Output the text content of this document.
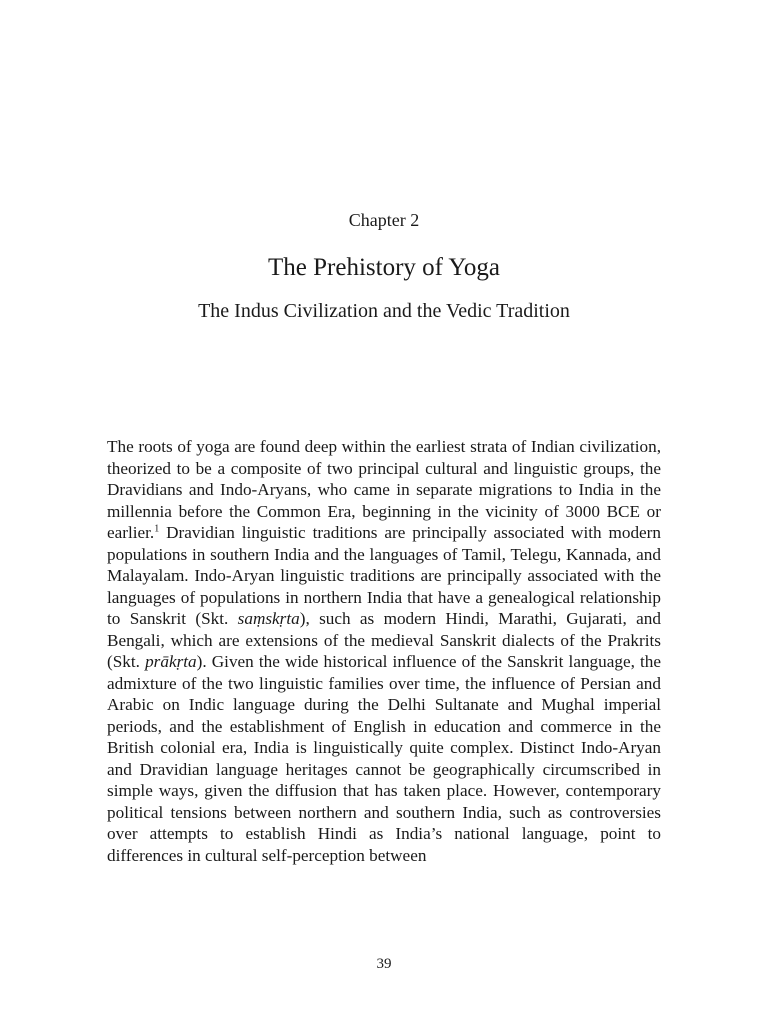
Chapter 2
The Prehistory of Yoga
The Indus Civilization and the Vedic Tradition

The roots of yoga are found deep within the earliest strata of Indian civilization, theorized to be a composite of two principal cultural and linguistic groups, the Dravidians and Indo-Aryans, who came in separate migrations to India in the millennia before the Common Era, beginning in the vicinity of 3000 BCE or earlier.$^1$ Dravidian linguistic traditions are principally associated with modern populations in southern India and the languages of Tamil, Telegu, Kannada, and Malayalam. Indo-Aryan linguistic traditions are principally associated with the languages of populations in northern India that have a genealogical relationship to Sanskrit (Skt. saṃskṛta), such as modern Hindi, Marathi, Gujarati, and Bengali, which are extensions of the medieval Sanskrit dialects of the Prakrits (Skt. prākṛta). Given the wide historical influence of the Sanskrit language, the admixture of the two linguistic families over time, the influence of Persian and Arabic on Indic language during the Delhi Sultanate and Mughal imperial periods, and the establishment of English in education and commerce in the British colonial era, India is linguistically quite complex. Distinct Indo-Aryan and Dravidian language heritages cannot be geographically circumscribed in simple ways, given the diffusion that has taken place. However, contemporary political tensions between northern and southern India, such as controversies over attempts to establish Hindi as India’s national language, point to differences in cultural self-perception between

39
